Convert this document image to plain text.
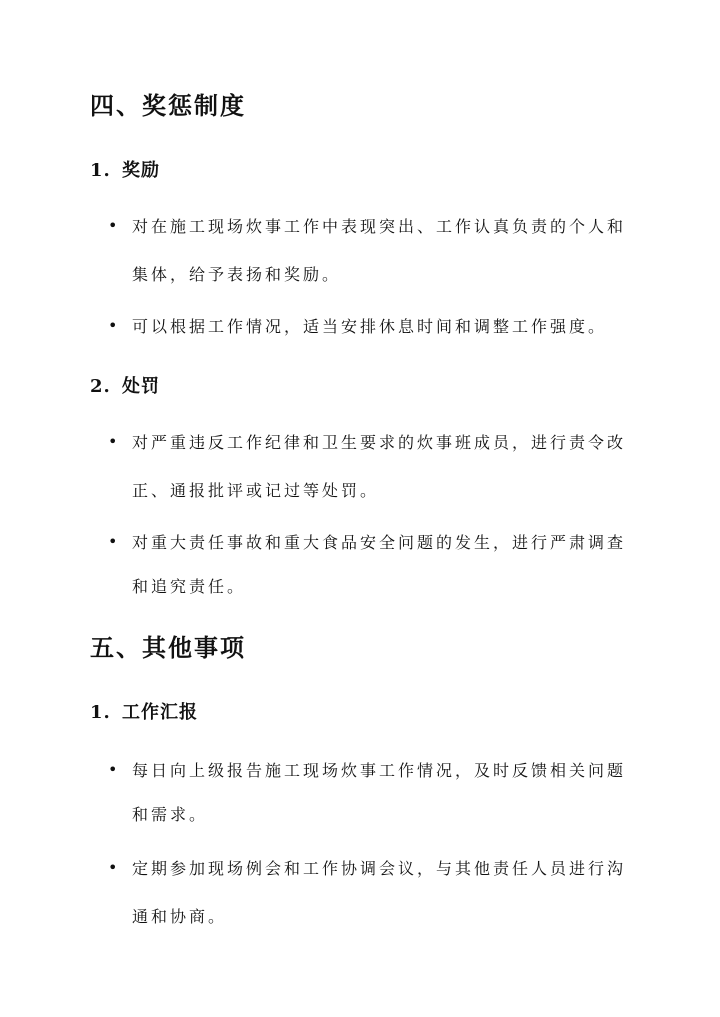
四、奖惩制度
1. 奖励
• 对在施工现场炊事工作中表现突出、工作认真负责的个人和
集体，给予表扬和奖励。
• 可以根据工作情况，适当安排休息时间和调整工作强度。
2. 处罚
• 对严重违反工作纪律和卫生要求的炊事班成员，进行责令改
正、通报批评或记过等处罚。
• 对重大责任事故和重大食品安全问题的发生，进行严肃调查
和追究责任。
五、其他事项
1. 工作汇报
• 每日向上级报告施工现场炊事工作情况，及时反馈相关问题
和需求。
• 定期参加现场例会和工作协调会议，与其他责任人员进行沟
通和协商。
